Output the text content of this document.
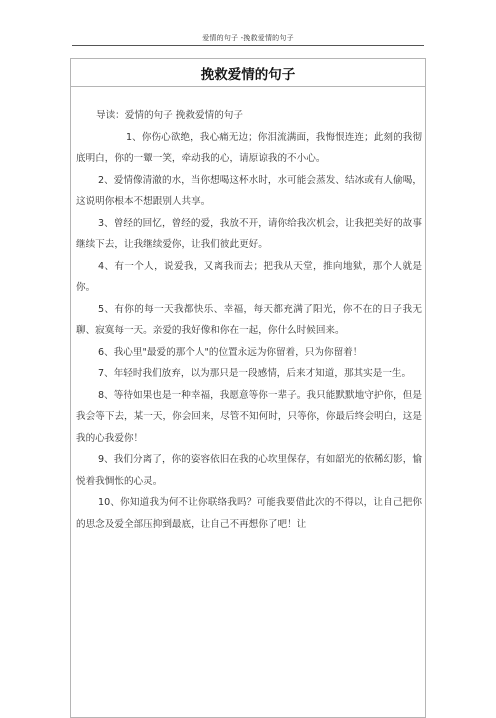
爱情的句子 -挽救爱情的句子
挽救爱情的句子

导读：爱情的句子 挽救爱情的句子

1、你伤心欲绝，我心痛无边；你泪流满面，我悔恨连连；此刻的我彻底明白，你的一颦一笑，牵动我的心，请原谅我的不小心。

2、爱情像清澈的水，当你想喝这杯水时，水可能会蒸发、结冰或有人偷喝，这说明你根本不想跟别人共享。

3、曾经的回忆，曾经的爱，我放不开，请你给我次机会，让我把美好的故事继续下去，让我继续爱你，让我们彼此更好。

4、有一个人，说爱我，又离我而去；把我从天堂，推向地狱，那个人就是你。

5、有你的每一天我都快乐、幸福，每天都充满了阳光，你不在的日子我无聊、寂寞每一天。亲爱的我好像和你在一起，你什么时候回来。

6、我心里"最爱的那个人"的位置永远为你留着，只为你留着！

7、年轻时我们放弃，以为那只是一段感情，后来才知道，那其实是一生。

8、等待如果也是一种幸福，我愿意等你一辈子。我只能默默地守护你，但是我会等下去，某一天，你会回来，尽管不知何时，只等你，你最后终会明白，这是我的心我爱你！

9、我们分离了，你的姿容依旧在我的心坎里保存，有如韶光的依稀幻影，愉悦着我惆怅的心灵。

10、你知道我为何不让你联络我吗？可能我要借此次的不得以，让自己把你的思念及爱全部压抑到最底，让自己不再想你了吧！让
